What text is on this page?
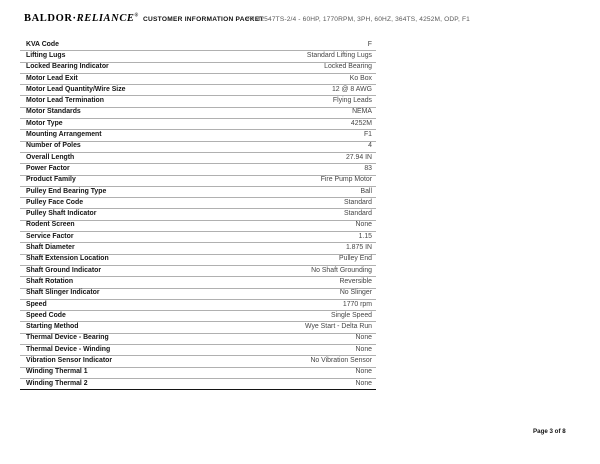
BALDOR·RELIANCE® CUSTOMER INFORMATION PACKET
FPM2547TS-2/4 - 60HP, 1770RPM, 3PH, 60HZ, 364TS, 4252M, ODP, F1
KVA Code	F
Lifting Lugs	Standard Lifting Lugs
Locked Bearing Indicator	Locked Bearing
Motor Lead Exit	Ko Box
Motor Lead Quantity/Wire Size	12 @ 8 AWG
Motor Lead Termination	Flying Leads
Motor Standards	NEMA
Motor Type	4252M
Mounting Arrangement	F1
Number of Poles	4
Overall Length	27.94 IN
Power Factor	83
Product Family	Fire Pump Motor
Pulley End Bearing Type	Ball
Pulley Face Code	Standard
Pulley Shaft Indicator	Standard
Rodent Screen	None
Service Factor	1.15
Shaft Diameter	1.875 IN
Shaft Extension Location	Pulley End
Shaft Ground Indicator	No Shaft Grounding
Shaft Rotation	Reversible
Shaft Slinger Indicator	No Slinger
Speed	1770 rpm
Speed Code	Single Speed
Starting Method	Wye Start - Delta Run
Thermal Device - Bearing	None
Thermal Device - Winding	None
Vibration Sensor Indicator	No Vibration Sensor
Winding Thermal 1	None
Winding Thermal 2	None
Page 3 of 8
